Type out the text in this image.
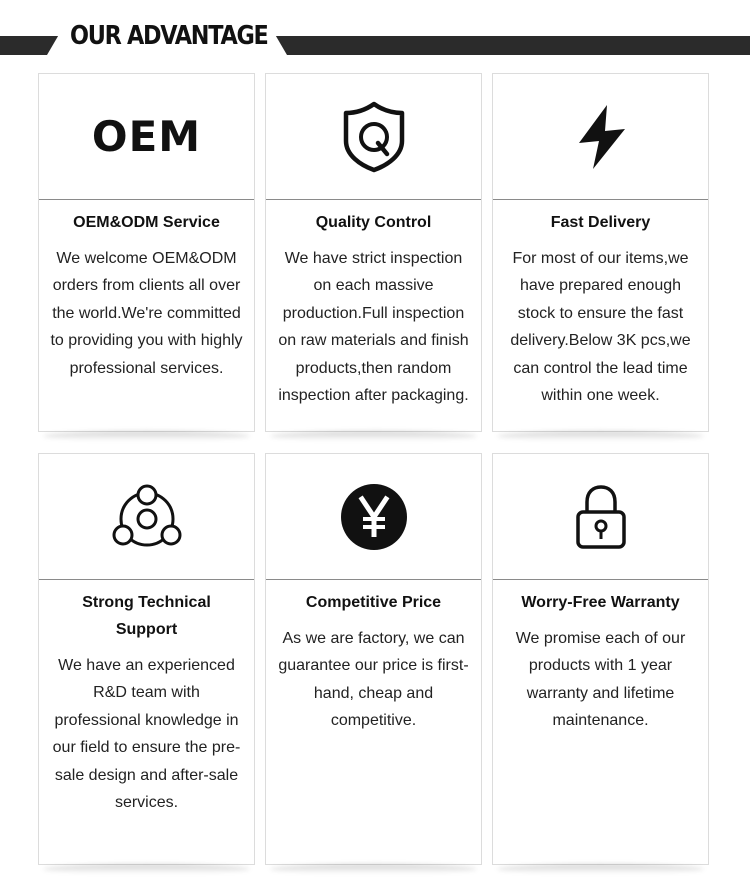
OUR ADVANTAGE
OEM
OEM&ODM Service
We welcome OEM&ODM orders from clients all over the world.We're committed to providing you with highly professional services.
Quality Control
We have strict inspection on each massive production.Full inspection on raw materials and finish products,then random inspection after packaging.
Fast Delivery
For most of our items,we have prepared enough stock to ensure the fast delivery.Below 3K pcs,we can control the lead time within one week.
Strong Technical Support
We have an experienced R&D team with professional knowledge in our field to ensure the pre-sale design and after-sale services.
Competitive Price
As we are factory, we can guarantee our price is first-hand, cheap and competitive.
Worry-Free Warranty
We promise each of our products with 1 year warranty and lifetime maintenance.
